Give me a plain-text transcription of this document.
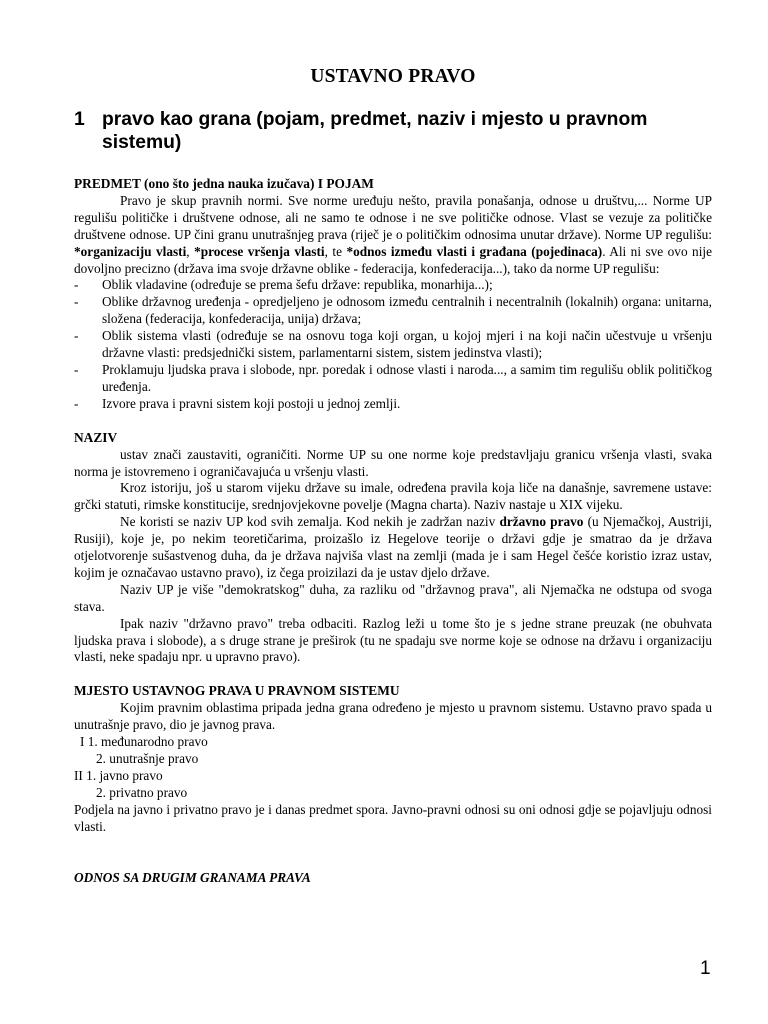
USTAVNO PRAVO
1 pravo kao grana (pojam, predmet, naziv i mjesto u pravnom sistemu)

PREDMET (ono što jedna nauka izučava) I POJAM

Pravo je skup pravnih normi. Sve norme uređuju nešto, pravila ponašanja, odnose u društvu,... Norme UP regulišu političke i društvene odnose, ali ne samo te odnose i ne sve političke odnose. Vlast se vezuje za političke društvene odnose. UP čini granu unutrašnjeg prava (riječ je o političkim odnosima unutar države). Norme UP regulišu: *organizaciju vlasti, *procese vršenja vlasti, te *odnos između vlasti i građana (pojedinaca). Ali ni sve ovo nije dovoljno precizno (država ima svoje državne oblike - federacija, konfederacija...), tako da norme UP regulišu:

- Oblik vladavine (određuje se prema šefu države: republika, monarhija...);
- Oblike državnog uređenja - opredjeljeno je odnosom između centralnih i necentralnih (lokalnih) organa: unitarna, složena (federacija, konfederacija, unija) država;
- Oblik sistema vlasti (određuje se na osnovu toga koji organ, u kojoj mjeri i na koji način učestvuje u vršenju državne vlasti: predsjednički sistem, parlamentarni sistem, sistem jedinstva vlasti);
- Proklamuju ljudska prava i slobode, npr. poredak i odnose vlasti i naroda..., a samim tim regulišu oblik političkog uređenja.
- Izvore prava i pravni sistem koji postoji u jednoj zemlji.

NAZIV

ustav znači zaustaviti, ograničiti. Norme UP su one norme koje predstavljaju granicu vršenja vlasti, svaka norma je istovremeno i ograničavajuća u vršenju vlasti.

Kroz istoriju, još u starom vijeku države su imale, određena pravila koja liče na današnje, savremene ustave: grčki statuti, rimske konstitucije, srednjovjekovne povelje (Magna charta). Naziv nastaje u XIX vijeku.

Ne koristi se naziv UP kod svih zemalja. Kod nekih je zadržan naziv državno pravo (u Njemačkoj, Austriji, Rusiji), koje je, po nekim teoretičarima, proizašlo iz Hegelove teorije o državi gdje je smatrao da je država otjelotvorenje sušastvenog duha, da je država najviša vlast na zemlji (mada je i sam Hegel češće koristio izraz ustav, kojim je označavao ustavno pravo), iz čega proizilazi da je ustav djelo države.

Naziv UP je više "demokratskog" duha, za razliku od "državnog prava", ali Njemačka ne odstupa od svoga stava.

Ipak naziv "državno pravo" treba odbaciti. Razlog leži u tome što je s jedne strane preuzak (ne obuhvata ljudska prava i slobode), a s druge strane je preširok (tu ne spadaju sve norme koje se odnose na državu i organizaciju vlasti, neke spadaju npr. u upravno pravo).

MJESTO USTAVNOG PRAVA U PRAVNOM SISTEMU

Kojim pravnim oblastima pripada jedna grana određeno je mjesto u pravnom sistemu. Ustavno pravo spada u unutrašnje pravo, dio je javnog prava.

I 1. međunarodno pravo

2. unutrašnje pravo

II 1. javno pravo

2. privatno pravo

Podjela na javno i privatno pravo je i danas predmet spora. Javno-pravni odnosi su oni odnosi gdje se pojavljuju odnosi vlasti.

ODNOS SA DRUGIM GRANAMA PRAVA

1
